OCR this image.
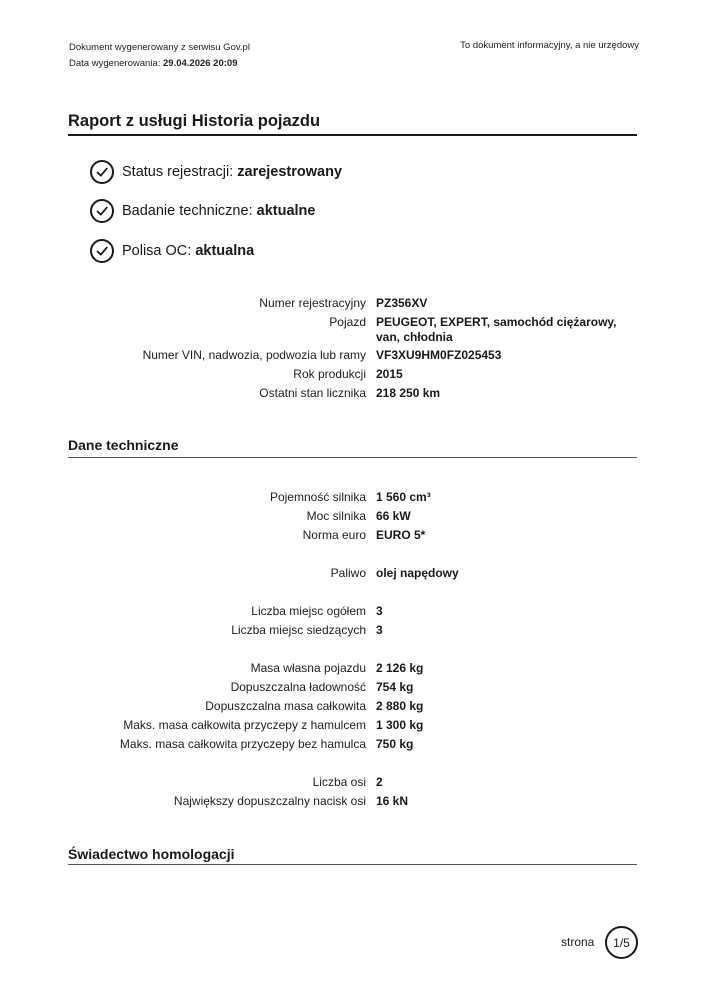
Dokument wygenerowany z serwisu Gov.pl
Data wygenerowania: 29.04.2026 20:09
To dokument informacyjny, a nie urzędowy
Raport z usługi Historia pojazdu
Status rejestracji:
zarejestrowany
Badanie techniczne:
aktualne
Polisa OC:
aktualna
Numer rejestracyjny PZ356XV
Pojazd PEUGEOT, EXPERT, samochód ciężarowy, van, chłodnia
Numer VIN, nadwozia, podwozia lub ramy VF3XU9HM0FZ025453
Rok produkcji 2015
Ostatni stan licznika 218 250 km
Dane techniczne
Pojemność silnika 1 560 cm³
Moc silnika 66 kW
Norma euro EURO 5*
Paliwo olej napędowy
Liczba miejsc ogółem 3
Liczba miejsc siedzących 3
Masa własna pojazdu 2 126 kg
Dopuszczalna ładowność 754 kg
Dopuszczalna masa całkowita 2 880 kg
Maks. masa całkowita przyczepy z hamulcem 1 300 kg
Maks. masa całkowita przyczepy bez hamulca 750 kg
Liczba osi 2
Największy dopuszczalny nacisk osi 16 kN
Świadectwo homologacji
strona	1/5
